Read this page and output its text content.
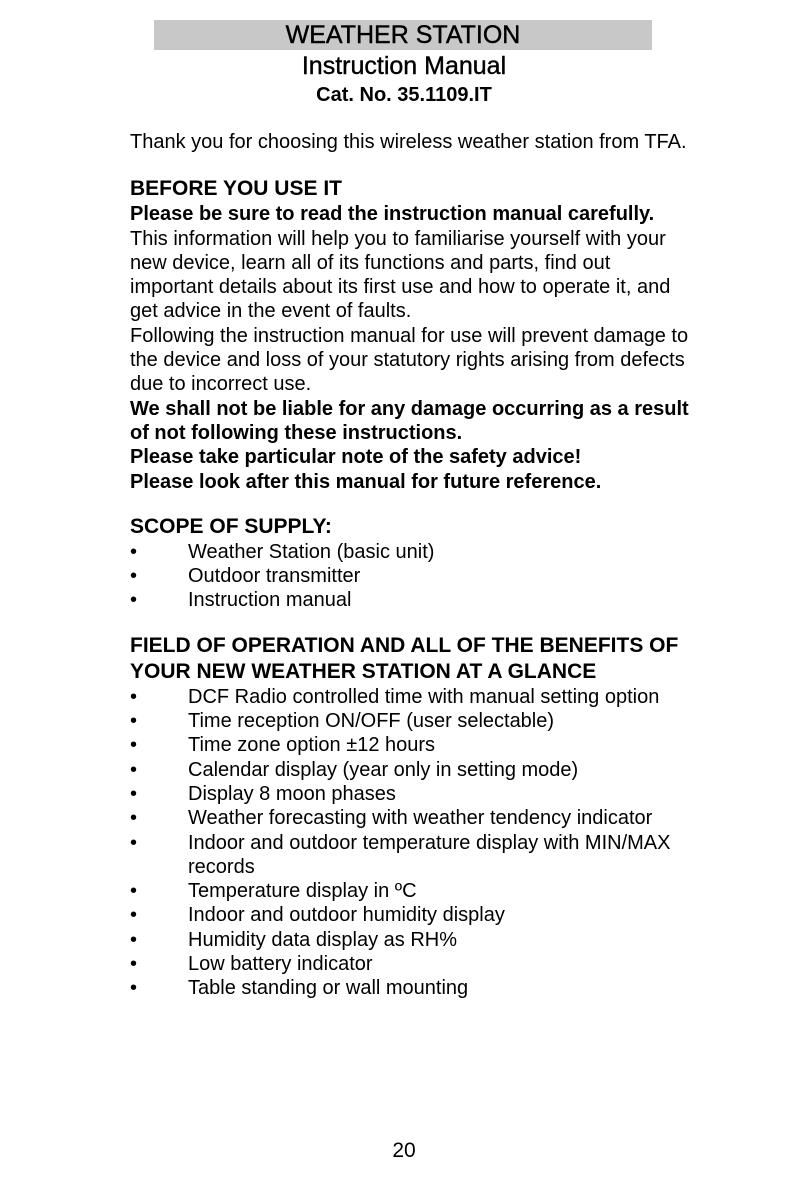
WEATHER STATION
Instruction Manual
Cat. No. 35.1109.IT

Thank you for choosing this wireless weather station from TFA.

BEFORE YOU USE IT

Please be sure to read the instruction manual carefully.

This information will help you to familiarise yourself with your new device, learn all of its functions and parts, find out important details about its first use and how to operate it, and get advice in the event of faults.

Following the instruction manual for use will prevent damage to the device and loss of your statutory rights arising from defects due to incorrect use.

We shall not be liable for any damage occurring as a result of not following these instructions.

Please take particular note of the safety advice!

Please look after this manual for future reference.

SCOPE OF SUPPLY:
•	Weather Station (basic unit)
•	Outdoor transmitter
•	Instruction manual
FIELD OF OPERATION AND ALL OF THE BENEFITS OF YOUR NEW WEATHER STATION AT A GLANCE
•	DCF Radio controlled time with manual setting option
•	Time reception ON/OFF (user selectable)
•	Time zone option ±12 hours
•	Calendar display (year only in setting mode)
•	Display 8 moon phases
•	Weather forecasting with weather tendency indicator
•	Indoor and outdoor temperature display with MIN/MAX records
•	Temperature display in ºC
•	Indoor and outdoor humidity display
•	Humidity data display as RH%
•	Low battery indicator
•	Table standing or wall mounting
20
